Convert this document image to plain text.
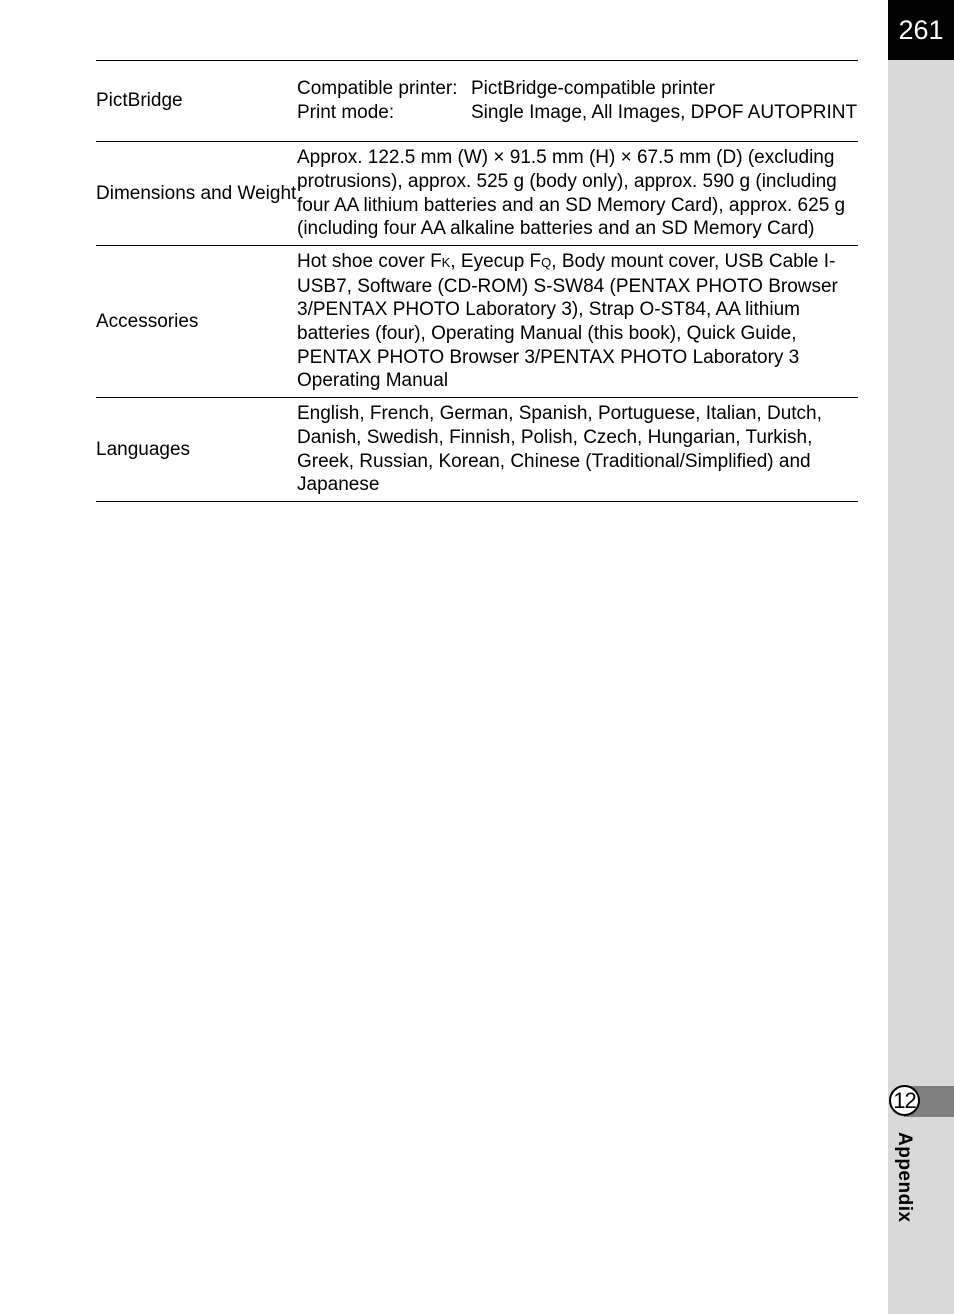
261
12
Appendix
PictBridge
Compatible printer: PictBridge-compatible printer
Print mode:	Single Image, All Images, DPOF AUTOPRINT
Dimensions and Weight
Approx. 122.5 mm (W) × 91.5 mm (H) × 67.5 mm (D) (excluding protrusions), approx. 525 g (body only), approx. 590 g (including four AA lithium batteries and an SD Memory Card), approx. 625 g (including four AA alkaline batteries and an SD Memory Card)
Accessories
Hot shoe cover FK, Eyecup FQ, Body mount cover, USB Cable I-USB7, Software (CD-ROM) S-SW84 (PENTAX PHOTO Browser 3/PENTAX PHOTO Laboratory 3), Strap O-ST84, AA lithium batteries (four), Operating Manual (this book), Quick Guide, PENTAX PHOTO Browser 3/PENTAX PHOTO Laboratory 3 Operating Manual
Languages
English, French, German, Spanish, Portuguese, Italian, Dutch, Danish, Swedish, Finnish, Polish, Czech, Hungarian, Turkish, Greek, Russian, Korean, Chinese (Traditional/Simplified) and Japanese
